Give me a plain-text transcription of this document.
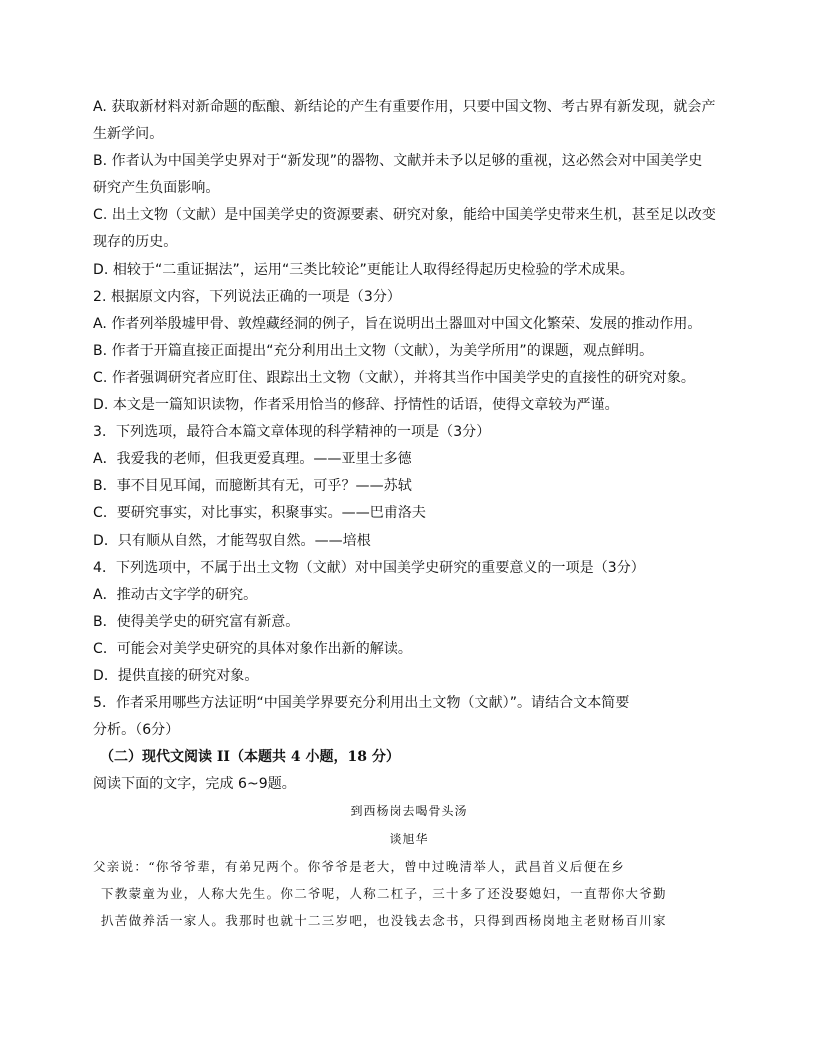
A. 获取新材料对新命题的酝酿、新结论的产生有重要作用，只要中国文物、考古界有新发现，就会产
生新学问。
B. 作者认为中国美学史界对于“新发现”的器物、文献并未予以足够的重视，这必然会对中国美学史
研究产生负面影响。
C. 出土文物（文献）是中国美学史的资源要素、研究对象，能给中国美学史带来生机，甚至足以改变
现存的历史。
D. 相较于“二重证据法”，运用“三类比较论”更能让人取得经得起历史检验的学术成果。
2. 根据原文内容，下列说法正确的一项是（3分）
A. 作者列举殷墟甲骨、敦煌藏经洞的例子，旨在说明出土器皿对中国文化繁荣、发展的推动作用。
B. 作者于开篇直接正面提出“充分利用出土文物（文献），为美学所用”的课题，观点鲜明。
C. 作者强调研究者应盯住、跟踪出土文物（文献），并将其当作中国美学史的直接性的研究对象。
D. 本文是一篇知识读物，作者采用恰当的修辞、抒情性的话语，使得文章较为严谨。
3．下列选项，最符合本篇文章体现的科学精神的一项是（3分）
A．我爱我的老师，但我更爱真理。——亚里士多德
B．事不目见耳闻，而臆断其有无，可乎？——苏轼
C．要研究事实，对比事实，积聚事实。——巴甫洛夫
D．只有顺从自然，才能驾驭自然。——培根
4．下列选项中，不属于出土文物（文献）对中国美学史研究的重要意义的一项是（3分）
A．推动古文字学的研究。
B．使得美学史的研究富有新意。
C．可能会对美学史研究的具体对象作出新的解读。
D．提供直接的研究对象。
5．作者采用哪些方法证明“中国美学界要充分利用出土文物（文献）”。请结合文本简要
分析。（6分）
（二）现代文阅读 II（本题共 4 小题，18 分）
阅读下面的文字，完成 6~9题。
到西杨岗去喝骨头汤
谈旭华
父亲说：“你爷爷辈，有弟兄两个。你爷爷是老大，曾中过晚清举人，武昌首义后便在乡
下教蒙童为业，人称大先生。你二爷呢，人称二杠子，三十多了还没娶媳妇，一直帮你大爷勤
扒苦做养活一家人。我那时也就十二三岁吧，也没钱去念书，只得到西杨岗地主老财杨百川家
